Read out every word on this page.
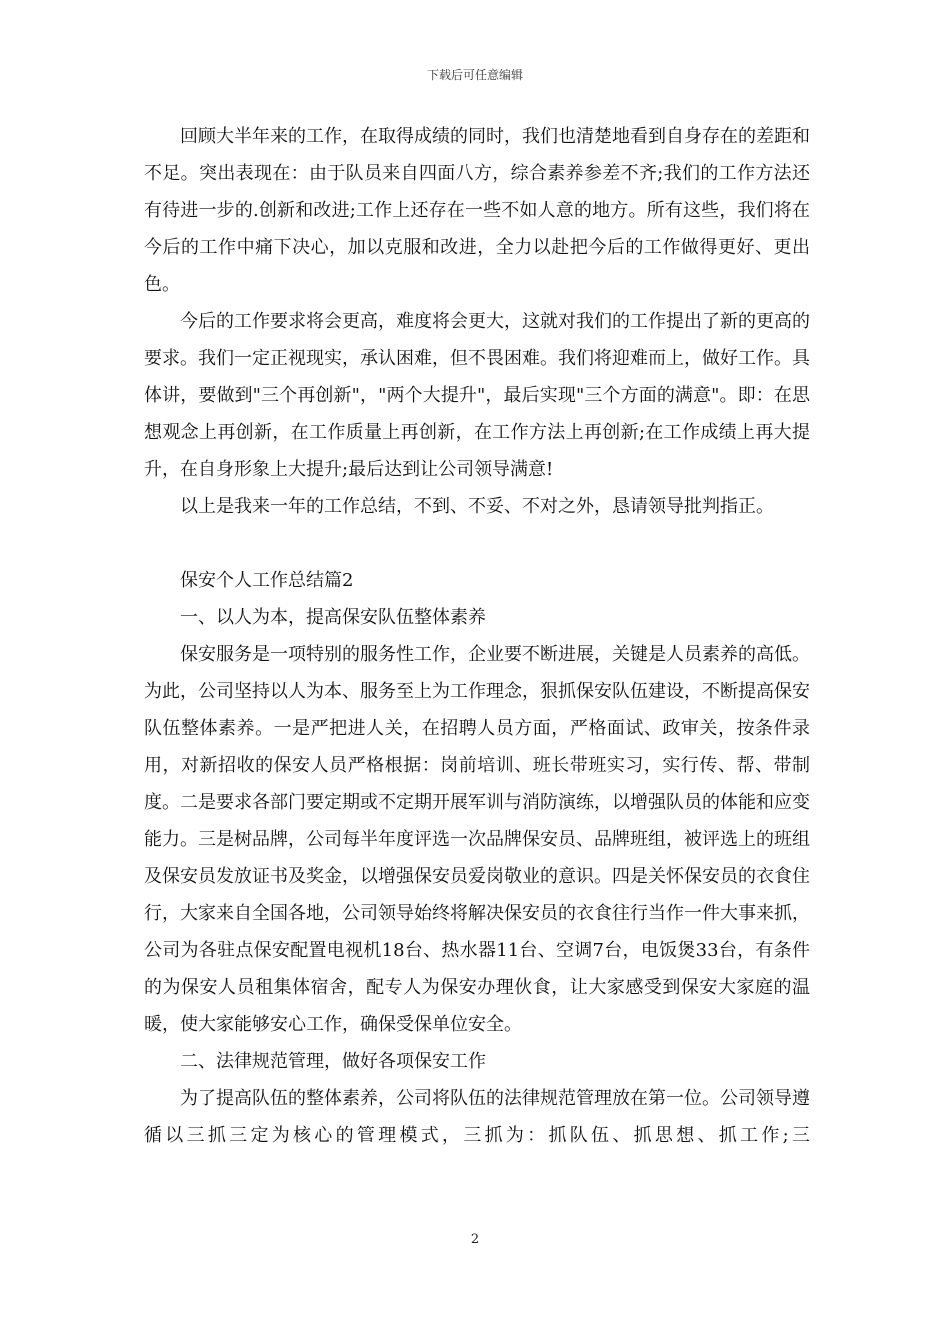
下载后可任意编辑

回顾大半年来的工作，在取得成绩的同时，我们也清楚地看到自身存在的差距和不足。突出表现在：由于队员来自四面八方，综合素养参差不齐;我们的工作方法还有待进一步的.创新和改进;工作上还存在一些不如人意的地方。所有这些，我们将在今后的工作中痛下决心，加以克服和改进，全力以赴把今后的工作做得更好、更出色。

今后的工作要求将会更高，难度将会更大，这就对我们的工作提出了新的更高的要求。我们一定正视现实，承认困难，但不畏困难。我们将迎难而上，做好工作。具体讲，要做到"三个再创新"，"两个大提升"，最后实现"三个方面的满意"。即：在思想观念上再创新，在工作质量上再创新，在工作方法上再创新;在工作成绩上再大提升，在自身形象上大提升;最后达到让公司领导满意!

以上是我来一年的工作总结，不到、不妥、不对之外，恳请领导批判指正。

保安个人工作总结篇2

一、以人为本，提高保安队伍整体素养

保安服务是一项特别的服务性工作，企业要不断进展，关键是人员素养的高低。为此，公司坚持以人为本、服务至上为工作理念，狠抓保安队伍建设，不断提高保安队伍整体素养。一是严把进人关，在招聘人员方面，严格面试、政审关，按条件录用，对新招收的保安人员严格根据：岗前培训、班长带班实习，实行传、帮、带制度。二是要求各部门要定期或不定期开展军训与消防演练，以增强队员的体能和应变能力。三是树品牌，公司每半年度评选一次品牌保安员、品牌班组，被评选上的班组及保安员发放证书及奖金，以增强保安员爱岗敬业的意识。四是关怀保安员的衣食住行，大家来自全国各地，公司领导始终将解决保安员的衣食往行当作一件大事来抓，公司为各驻点保安配置电视机18台、热水器11台、空调7台，电饭煲33台，有条件的为保安人员租集体宿舍，配专人为保安办理伙食，让大家感受到保安大家庭的温暖，使大家能够安心工作，确保受保单位安全。

二、法律规范管理，做好各项保安工作

为了提高队伍的整体素养，公司将队伍的法律规范管理放在第一位。公司领导遵循以三抓三定为核心的管理模式，三抓为：抓队伍、抓思想、抓工作;三

2
